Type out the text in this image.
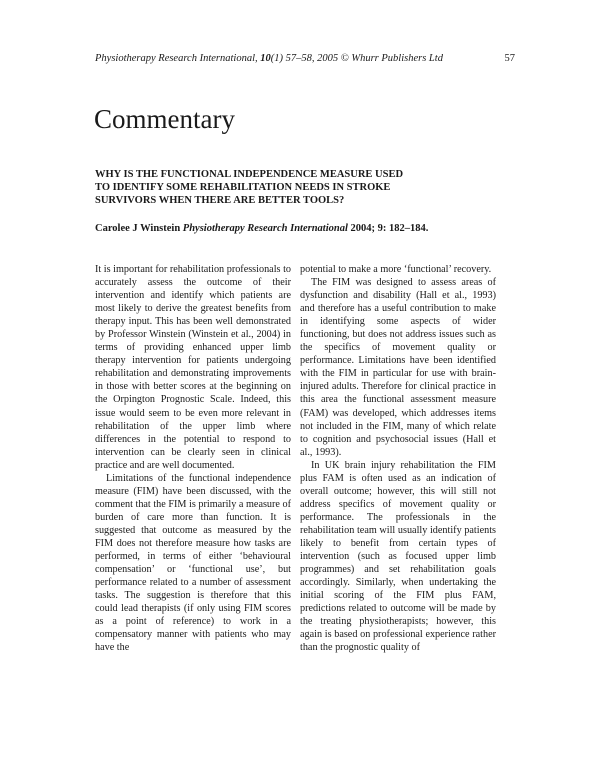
Physiotherapy Research International, 10(1) 57–58, 2005 © Whurr Publishers Ltd	57
Commentary
WHY IS THE FUNCTIONAL INDEPENDENCE MEASURE USED TO IDENTIFY SOME REHABILITATION NEEDS IN STROKE SURVIVORS WHEN THERE ARE BETTER TOOLS?
Carolee J Winstein Physiotherapy Research International 2004; 9: 182–184.

It is important for rehabilitation professionals to accurately assess the outcome of their intervention and identify which patients are most likely to derive the greatest benefits from therapy input. This has been well demonstrated by Professor Winstein (Winstein et al., 2004) in terms of providing enhanced upper limb therapy intervention for patients undergoing rehabilitation and demonstrating improvements in those with better scores at the beginning on the Orpington Prognostic Scale. Indeed, this issue would seem to be even more relevant in rehabilitation of the upper limb where differences in the potential to respond to intervention can be clearly seen in clinical practice and are well documented.

Limitations of the functional independence measure (FIM) have been discussed, with the comment that the FIM is primarily a measure of burden of care more than function. It is suggested that outcome as measured by the FIM does not therefore measure how tasks are performed, in terms of either ‘behavioural compensation’ or ‘functional use’, but performance related to a number of assessment tasks. The suggestion is therefore that this could lead therapists (if only using FIM scores as a point of reference) to work in a compensatory manner with patients who may have the

potential to make a more ‘functional’ recovery.

The FIM was designed to assess areas of dysfunction and disability (Hall et al., 1993) and therefore has a useful contribution to make in identifying some aspects of wider functioning, but does not address issues such as the specifics of movement quality or performance. Limitations have been identified with the FIM in particular for use with brain-injured adults. Therefore for clinical practice in this area the functional assessment measure (FAM) was developed, which addresses items not included in the FIM, many of which relate to cognition and psychosocial issues (Hall et al., 1993).

In UK brain injury rehabilitation the FIM plus FAM is often used as an indication of overall outcome; however, this will still not address specifics of movement quality or performance. The professionals in the rehabilitation team will usually identify patients likely to benefit from certain types of intervention (such as focused upper limb programmes) and set rehabilitation goals accordingly. Similarly, when undertaking the initial scoring of the FIM plus FAM, predictions related to outcome will be made by the treating physiotherapists; however, this again is based on professional experience rather than the prognostic quality of
